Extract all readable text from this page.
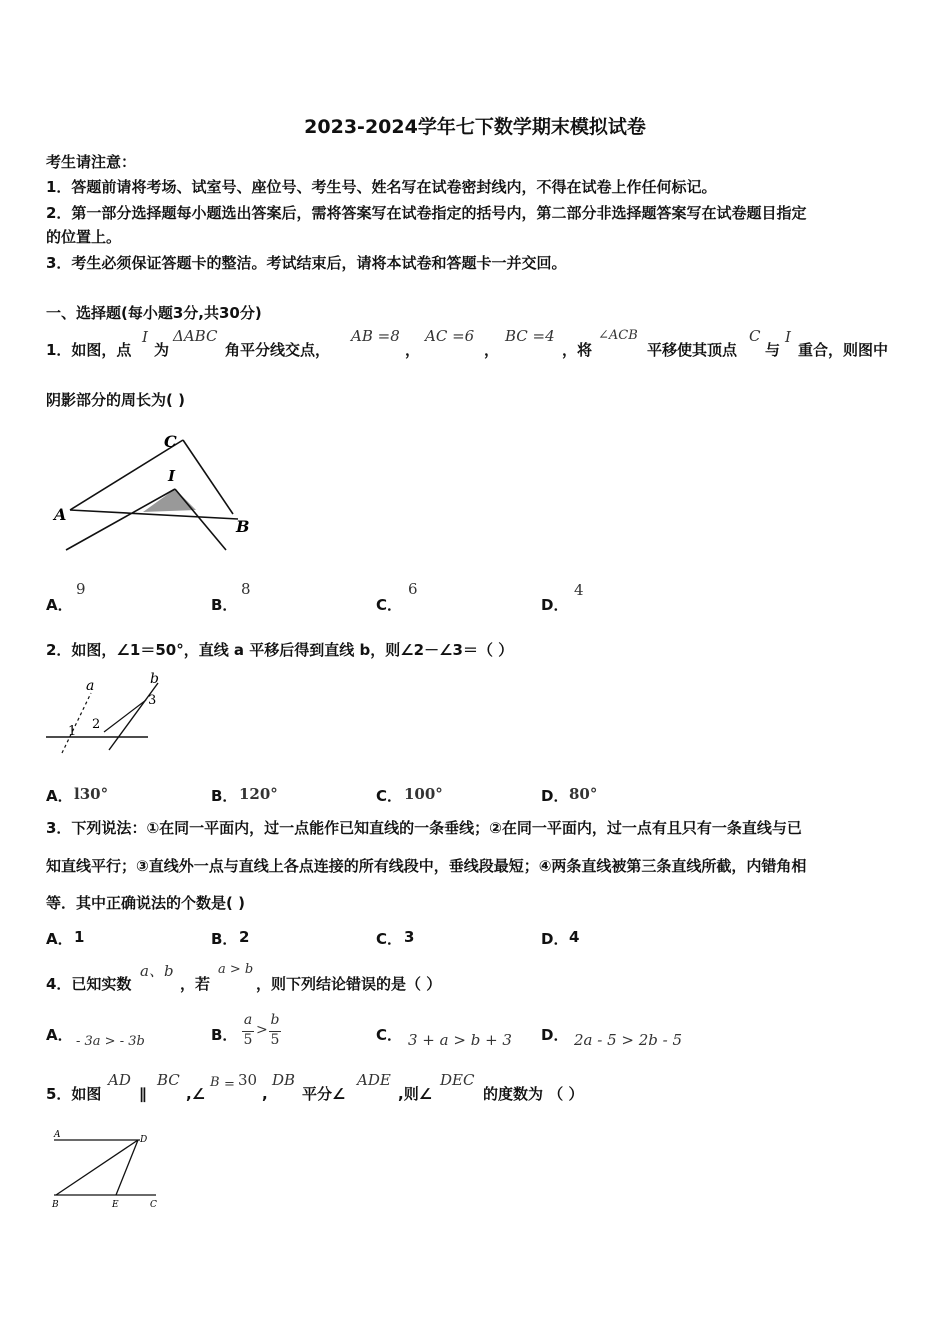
2023-2024学年七下数学期末模拟试卷
考生请注意：
1．答题前请将考场、试室号、座位号、考生号、姓名写在试卷密封线内，不得在试卷上作任何标记。
2．第一部分选择题每小题选出答案后，需将答案写在试卷指定的括号内，第二部分非选择题答案写在试卷题目指定
的位置上。
3．考生必须保证答题卡的整洁。考试结束后，请将本试卷和答题卡一并交回。
一、选择题(每小题3分,共30分)
1．如图，点
I
为
ΔABC
角平分线交点，
AB =8
，
AC =6
，
BC =4
，将
∠ACB
平移使其顶点
C
与
I
重合，则图中
阴影部分的周长为( )
A
B
C
I
A．
9
B．
8
C．
6
D．
4
2．如图，∠1＝50°，直线 a 平移后得到直线 b，则∠2－∠3＝（ ）
a	b
1 2
3
A． l30°	B． 120°	C． 100°	D． 80°
3．下列说法：①在同一平面内，过一点能作已知直线的一条垂线；②在同一平面内，过一点有且只有一条直线与已
知直线平行；③直线外一点与直线上各点连接的所有线段中，垂线段最短；④两条直线被第三条直线所截，内错角相
等．其中正确说法的个数是( )
A． 1	B． 2	C． 3	D． 4
4．已知实数
a、b
，若
a > b
，则下列结论错误的是（ ）
A． - 3a > - 3b	B．
a
5
>
b
5	C． 3 + a > b + 3 D． 2a - 5 > 2b - 5
5．如图
AD
∥
BC
,∠
B = 30
,
DB
平分∠
ADE
,则∠
DEC
的度数为 （ ）
A	D
B	E	C
